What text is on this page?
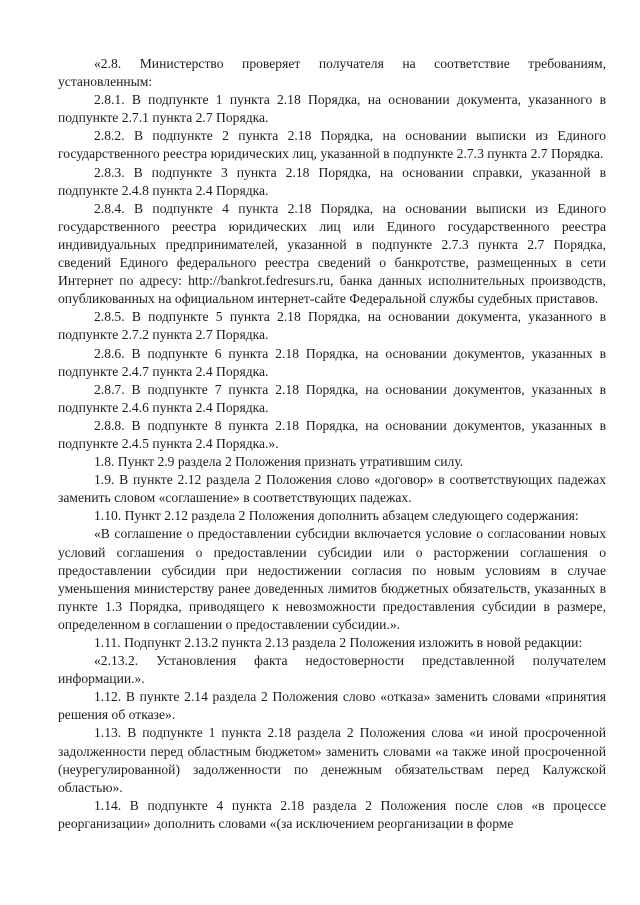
«2.8. Министерство проверяет получателя на соответствие требованиям, установленным:

2.8.1. В подпункте 1 пункта 2.18 Порядка, на основании документа, указанного в подпункте 2.7.1 пункта 2.7 Порядка.

2.8.2. В подпункте 2 пункта 2.18 Порядка, на основании выписки из Единого государственного реестра юридических лиц, указанной в подпункте 2.7.3 пункта 2.7 Порядка.

2.8.3. В подпункте 3 пункта 2.18 Порядка, на основании справки, указанной в подпункте 2.4.8 пункта 2.4 Порядка.

2.8.4. В подпункте 4 пункта 2.18 Порядка, на основании выписки из Единого государственного реестра юридических лиц или Единого государственного реестра индивидуальных предпринимателей, указанной в подпункте 2.7.3 пункта 2.7 Порядка, сведений Единого федерального реестра сведений о банкротстве, размещенных в сети Интернет по адресу: http://bankrot.fedresurs.ru, банка данных исполнительных производств, опубликованных на официальном интернет-сайте Федеральной службы судебных приставов.

2.8.5. В подпункте 5 пункта 2.18 Порядка, на основании документа, указанного в подпункте 2.7.2 пункта 2.7 Порядка.

2.8.6. В подпункте 6 пункта 2.18 Порядка, на основании документов, указанных в подпункте 2.4.7 пункта 2.4 Порядка.

2.8.7. В подпункте 7 пункта 2.18 Порядка, на основании документов, указанных в подпункте 2.4.6 пункта 2.4 Порядка.

2.8.8. В подпункте 8 пункта 2.18 Порядка, на основании документов, указанных в подпункте 2.4.5 пункта 2.4 Порядка.».

1.8. Пункт 2.9 раздела 2 Положения признать утратившим силу.

1.9. В пункте 2.12 раздела 2 Положения слово «договор» в соответствующих падежах заменить словом «соглашение» в соответствующих падежах.

1.10. Пункт 2.12 раздела 2 Положения дополнить абзацем следующего содержания:

«В соглашение о предоставлении субсидии включается условие о согласовании новых условий соглашения о предоставлении субсидии или о расторжении соглашения о предоставлении субсидии при недостижении согласия по новым условиям в случае уменьшения министерству ранее доведенных лимитов бюджетных обязательств, указанных в пункте 1.3 Порядка, приводящего к невозможности предоставления субсидии в размере, определенном в соглашении о предоставлении субсидии.».

1.11. Подпункт 2.13.2 пункта 2.13 раздела 2 Положения изложить в новой редакции:

«2.13.2. Установления факта недостоверности представленной получателем информации.».

1.12. В пункте 2.14 раздела 2 Положения слово «отказа» заменить словами «принятия решения об отказе».

1.13. В подпункте 1 пункта 2.18 раздела 2 Положения слова «и иной просроченной задолженности перед областным бюджетом» заменить словами «а также иной просроченной (неурегулированной) задолженности по денежным обязательствам перед Калужской областью».

1.14. В подпункте 4 пункта 2.18 раздела 2 Положения после слов «в процессе реорганизации» дополнить словами «(за исключением реорганизации в форме
